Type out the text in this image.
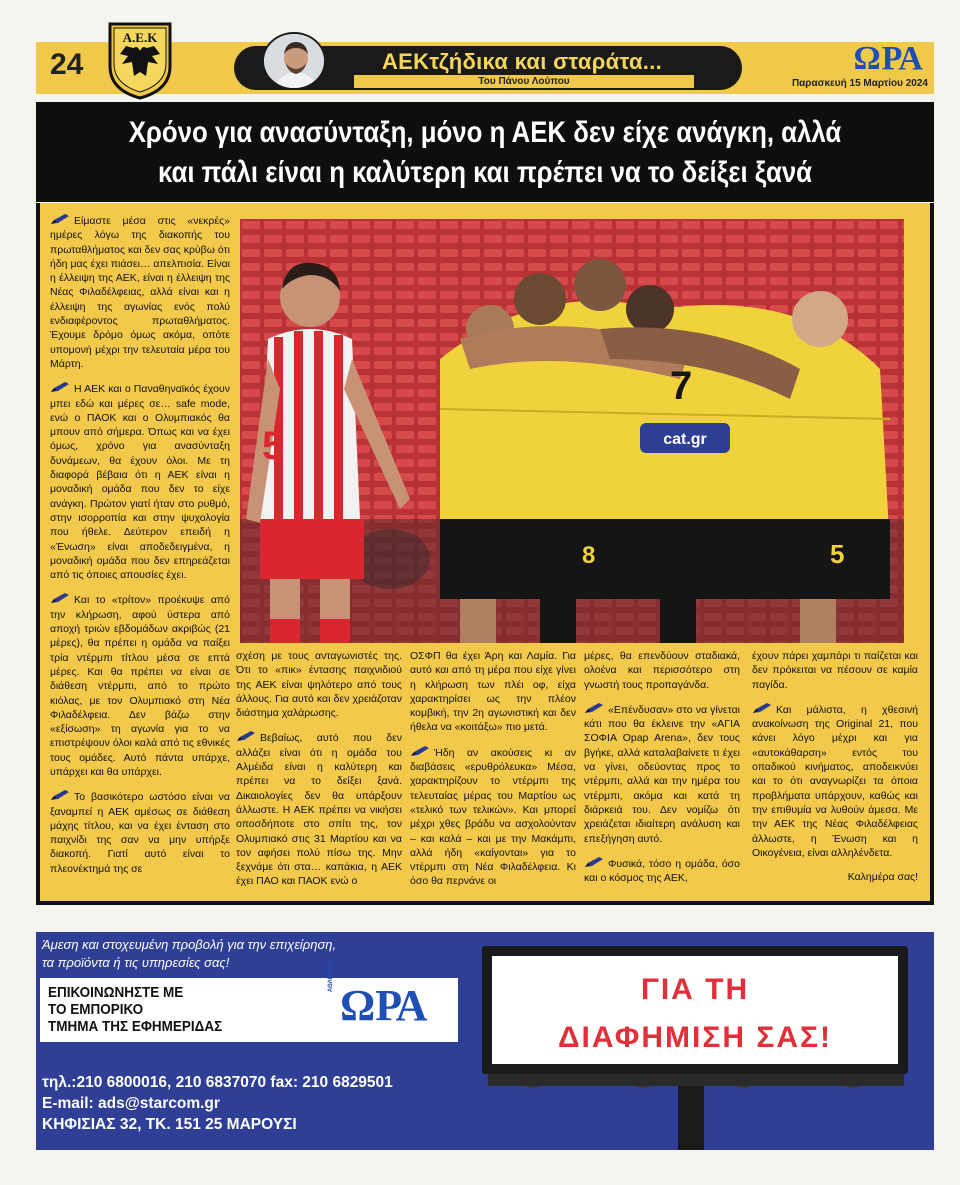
24
Α.Ε.Κ
ΑΕΚτζήδικα και σταράτα...
Του Πάνου Λούπου
ΩΡΑ
Παρασκευή 15 Μαρτίου 2024
Χρόνο για ανασύνταξη, μόνο η ΑΕΚ δεν είχε ανάγκη, αλλά
και πάλι είναι η καλύτερη και πρέπει να το δείξει ξανά

Είμαστε μέσα στις «νεκρές» ημέρες λόγω της διακοπής του πρωταθλήματος και δεν σας κρύβω ότι ήδη μας έχει πιάσει… απελπισία. Είναι η έλλειψη της ΑΕΚ, είναι η έλλειψη της Νέας Φιλαδέλφειας, αλλά είναι και η έλλειψη της αγωνίας ενός πολύ ενδιαφέροντος πρωταθλήματος. Έχουμε δρόμο όμως ακόμα, οπότε υπομονή μέχρι την τελευταία μέρα του Μάρτη.

Η ΑΕΚ και ο Παναθηναϊκός έχουν μπει εδώ και μέρες σε… safe mode, ενώ ο ΠΑΟΚ και ο Ολυμπιακός θα μπουν από σήμερα. Όπως και να έχει όμως, χρόνο για ανασύνταξη δυνάμεων, θα έχουν όλοι. Με τη διαφορά βέβαια ότι η ΑΕΚ είναι η μοναδική ομάδα που δεν το είχε ανάγκη. Πρώτον γιατί ήταν στο ρυθμό, στην ισορροπία και στην ψυχολογία που ήθελε. Δεύτερον επειδή η «Ένωση» είναι αποδεδειγμένα, η μοναδική ομάδα που δεν επηρεάζεται από τις όποιες απουσίες έχει.

Και το «τρίτον» προέκυψε από την κλήρωση, αφού ύστερα από αποχή τριών εβδομάδων ακριβώς (21 μέρες), θα πρέπει η ομάδα να παίξει τρία ντέρμπι τίτλου μέσα σε επτά μέρες. Και θα πρέπει να είναι σε διάθεση ντέρμπι, από το πρώτο κιόλας, με τον Ολυμπιακό στη Νέα Φιλαδέλφεια. Δεν βάζω στην «εξίσωση» τη αγωνία για το να επιστρέψουν όλοι καλά από τις εθνικές τους ομάδες. Αυτό πάντα υπάρχε, υπάρχει και θα υπάρχει.

Το βασικότερο ωστόσο είναι να ξαναμπεί η ΑΕΚ αμέσως σε διάθεση μάχης τίτλου, και να έχει ένταση στο παιχνίδι της σαν να μην υπήρξε διακοπή. Γιατί αυτό είναι το πλεονέκτημά της σε

5	cat.gr
7
5
8

σχέση με τους ανταγωνιστές της. Ότι το «πικ» έντασης παιχνιδιού της ΑΕΚ είναι ψηλότερο από τους άλλους. Για αυτό και δεν χρειάζοταν διάστημα χαλάρωσης.

Βεβαίως, αυτό που δεν αλλάζει είναι ότι η ομάδα του Αλμέιδα είναι η καλύτερη και πρέπει να το δείξει ξανά. Δικαιολογίες δεν θα υπάρξουν άλλωστε. Η ΑΕΚ πρέπει να νικήσει οποσδήποτε στο σπίτι της, τον Ολυμπιακό στις 31 Μαρτίου και να τον αφήσει πολύ πίσω της. Μην ξεχνάμε ότι στα… καπάκια, η ΑΕΚ έχει ΠΑΟ και ΠΑΟΚ ενώ ο

ΟΣΦΠ θα έχει Άρη και Λαμία. Για αυτό και από τη μέρα που είχε γίνει η κλήρωση των πλέι οφ, είχα χαρακτηρίσει ως την πλέον κομβική, την 2η αγωνιστική και δεν ήθελα να «κοιτάξω» πιο μετά.

Ήδη αν ακούσεις κι αν διαβάσεις «ερυθρόλευκα» Μέσα, χαρακτηρίζουν το ντέρμπι της τελευταίας μέρας του Μαρτίου ως «τελικό των τελικών». Και μπορεί μέχρι χθες βράδυ να ασχολούνταν – και καλά – και με την Μακάμπι, αλλά ήδη «καίγονται» για το ντέρμπι στη Νέα Φιλαδέλφεια. Κι όσο θα περνάνε οι

μέρες, θα επενδύουν σταδιακά, ολοένα και περισσότερο στη γνωστή τους προπαγάνδα.

«Επένδυσαν» στο να γίνεται κάτι που θα έκλεινε την «ΑΓΙΑ ΣΟΦΙΑ Opap Arena», δεν τους βγήκε, αλλά καταλαβαίνετε τι έχει να γίνει, οδεύοντας προς το ντέρμπι, αλλά και την ημέρα του ντέρμπι, ακόμα και κατά τη διάρκειά του. Δεν νομίζω ότι χρειάζεται ιδιαίτερη ανάλυση και επεξήγηση αυτό.

Φυσικά, τόσο η ομάδα, όσο και ο κόσμος της ΑΕΚ,

έχουν πάρει χαμπάρι τι παίζεται και δεν πρόκειται να πέσουν σε καμία παγίδα.

Και μάλιστα, η χθεσινή ανακοίνωση της Original 21, που κάνει λόγο μέχρι και για «αυτοκάθαρση» εντός του οπαδικού κινήματος, αποδεικνύει και το ότι αναγνωρίζει τα όποια προβλήματα υπάρχουν, καθώς και την επιθυμία να λυθούν άμεσα. Με την ΑΕΚ της Νέας Φιλαδέλφειας άλλωστε, η Ένωση και η Οικογένεια, είναι αλληλένδετα.

Καλημέρα σας!
Άμεση και στοχευμένη προβολή για την επιχείρηση,
τα προϊόντα ή τις υπηρεσίες σας!
ΕΠΙΚΟΙΝΩΝΗΣΤΕ ΜΕ
ΤΟ ΕΜΠΟΡΙΚΟ
ΤΜΗΜΑ ΤΗΣ ΕΦΗΜΕΡΙΔΑΣ
ΑΘΛΗΤΙΚΗ
ΩΡΑ
τηλ.:210 6800016, 210 6837070 fax: 210 6829501
E-mail: ads@starcom.gr
ΚΗΦΙΣΙΑΣ 32, ΤΚ. 151 25 ΜΑΡΟΥΣΙ
ΓΙΑ ΤΗ
ΔΙΑΦΗΜΙΣΗ ΣΑΣ!
